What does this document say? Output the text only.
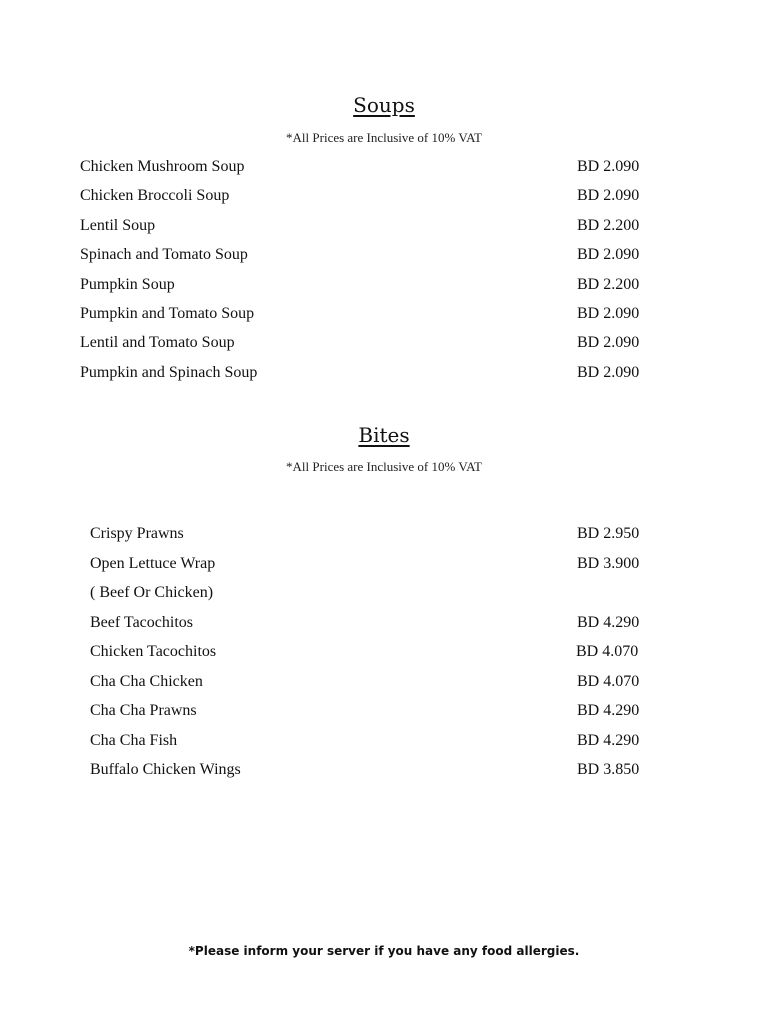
Soups
*All Prices are Inclusive of 10% VAT
Chicken Mushroom Soup	BD 2.090
Chicken Broccoli Soup	BD 2.090
Lentil Soup	BD 2.200
Spinach and Tomato Soup	BD 2.090
Pumpkin Soup	BD 2.200
Pumpkin and Tomato Soup	BD 2.090
Lentil and Tomato Soup	BD 2.090
Pumpkin and Spinach Soup	BD 2.090
Bites
*All Prices are Inclusive of 10% VAT
Crispy Prawns	BD 2.950
Open Lettuce Wrap	BD 3.900
( Beef Or Chicken)
Beef Tacochitos	BD 4.290
Chicken Tacochitos	BD 4.070
Cha Cha Chicken	BD 4.070
Cha Cha Prawns	BD 4.290
Cha Cha Fish	BD 4.290
Buffalo Chicken Wings	BD 3.850
*Please inform your server if you have any food allergies.
